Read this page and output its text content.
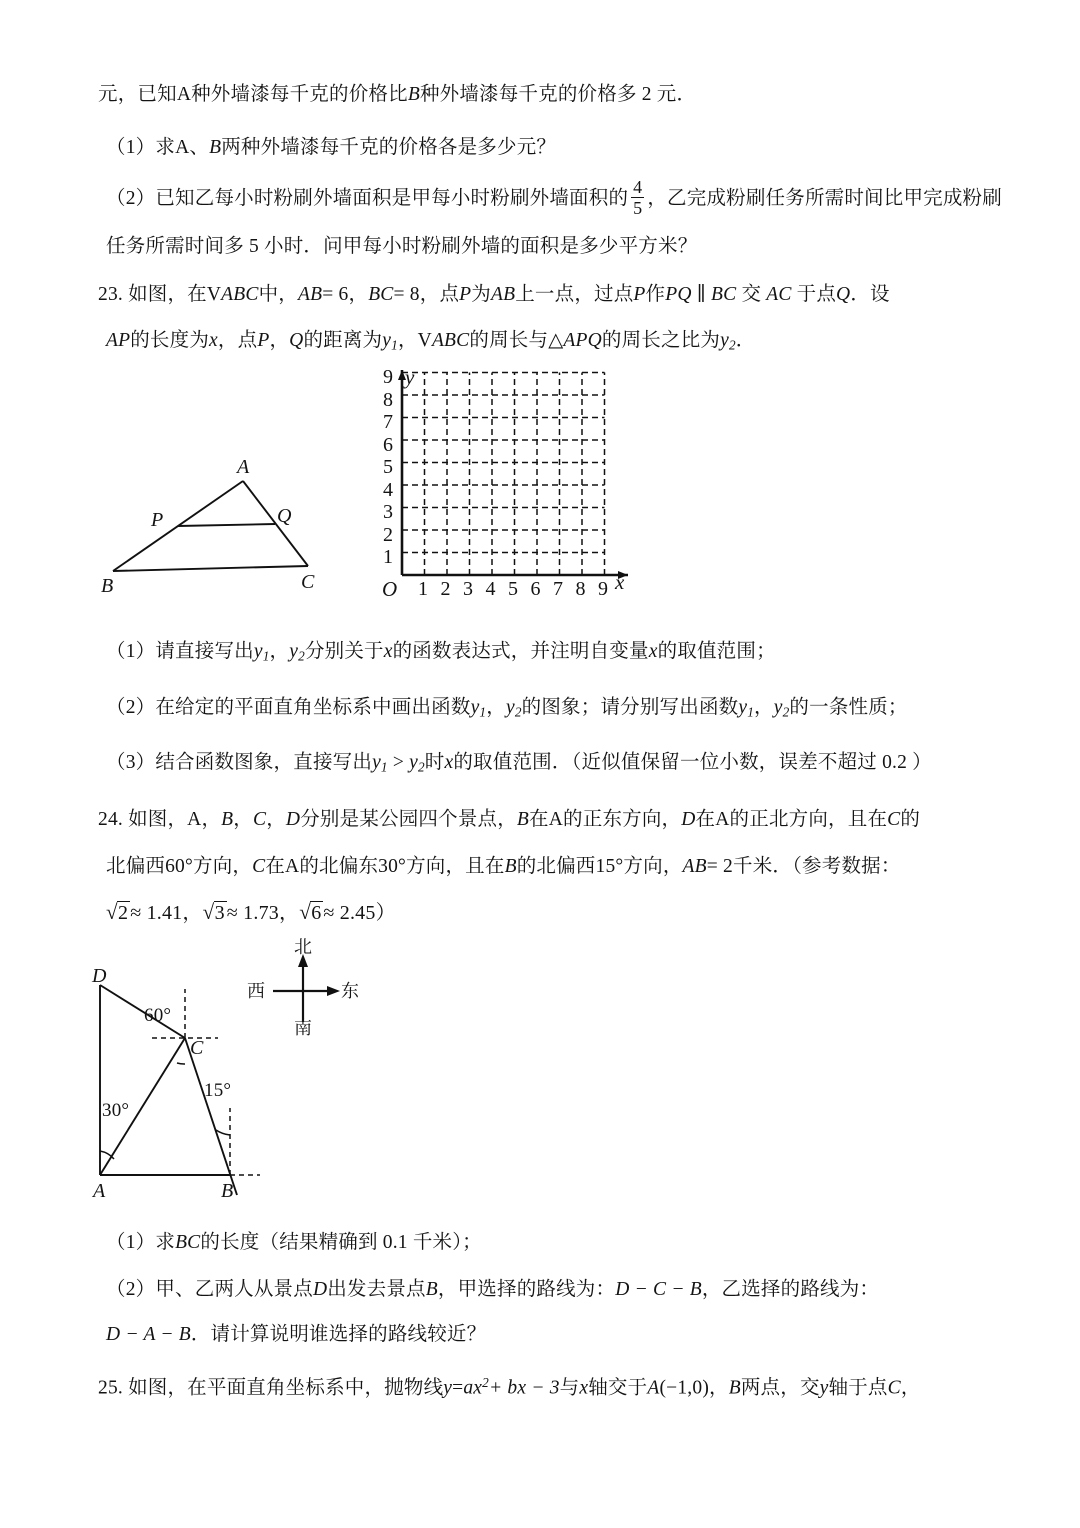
元，已知A种外墙漆每千克的价格比B种外墙漆每千克的价格多 2 元．
（1）求A、B两种外墙漆每千克的价格各是多少元？
（2）已知乙每小时粉刷外墙面积是甲每小时粉刷外墙面积的 $\frac{4}{5}$ ，乙完成粉刷任务所需时间比甲完成粉刷
任务所需时间多 5 小时．问甲每小时粉刷外墙的面积是多少平方米？
23. 如图，在VABC中，AB= 6，BC= 8，点P为AB上一点，过点P作PQ ∥ BC 交 AC 于点Q．设
AP的长度为x，点P，Q的距离为$y_1$，VABC的周长与△APQ的周长之比为$y_2$．
A
P	Q
B	C
y
x
O 1 2 3 4 5 6 7 8 9
1
2
3
4
5
6
7
8
9
（1）请直接写出$y_1$，$y_2$分别关于x的函数表达式，并注明自变量x的取值范围；
（2）在给定的平面直角坐标系中画出函数$y_1$，$y_2$的图象；请分别写出函数$y_1$，$y_2$的一条性质；
（3）结合函数图象，直接写出$y_1 > y_2$时x的取值范围．（近似值保留一位小数，误差不超过 0.2 ）
24. 如图，A，B，C，D分别是某公园四个景点，B在A的正东方向，D在A的正北方向，且在C的
北偏西60°方向，C在A的北偏东30°方向，且在B的北偏西15°方向，AB= 2千米．（参考数据：
√ 2 ≈ 1.41， √ 3 ≈ 1.73， √ 6 ≈ 2.45）
D
C
A	B
60°
30°
15°
北
南
东
西
（1）求BC的长度（结果精确到 0.1 千米）；
（2）甲、乙两人从景点D出发去景点B，甲选择的路线为：D − C − B，乙选择的路线为：
D − A − B．请计算说明谁选择的路线较近？
25. 如图，在平面直角坐标系中，抛物线$y=ax^2+$ bx − 3与x轴交于A(−1,0)，B两点，交y轴于点C，
